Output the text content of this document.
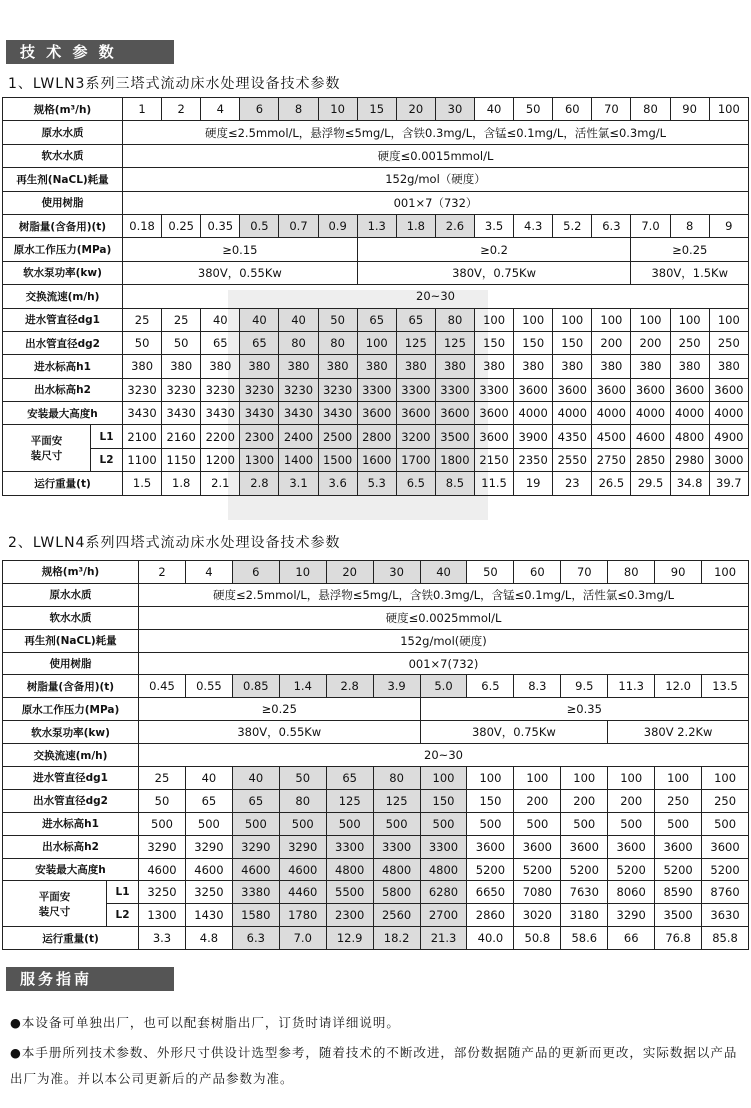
技 术 参 数
1、LWLN3系列三塔式流动床水处理设备技术参数
规格(m³/h)		1	2	4	6	8	10	15	20	30	40	50	60	70	80	90	100
原水水质		硬度≤2.5mmol/L，悬浮物≤5mg/L，含铁0.3mg/L，含锰≤0.1mg/L，活性氯≤0.3mg/L															
软水水质		硬度≤0.0015mmol/L															
再生剂(NaCL)耗量		152g/mol（硬度）															
使用树脂		001×7（732）															
树脂量(含备用)(t)		0.18	0.25	0.35	0.5	0.7	0.9	1.3	1.8	2.6	3.5	4.3	5.2	6.3	7.0	8	9
原水工作压力(MPa)		≥0.15						≥0.2							≥0.25		
软水泵功率(kw)		380V，0.55Kw						380V，0.75Kw							380V，1.5Kw		
交换流速(m/h)		20~30															
进水管直径dg1		25	25	40	40	40	50	65	65	80	100	100	100	100	100	100	100
出水管直径dg2		50	50	65	65	80	80	100	125	125	150	150	150	200	200	250	250
进水标高h1		380	380	380	380	380	380	380	380	380	380	380	380	380	380	380	380
出水标高h2		3230	3230	3230	3230	3230	3230	3300	3300	3300	3300	3600	3600	3600	3600	3600	3600
安装最大高度h		3430	3430	3430	3430	3430	3430	3600	3600	3600	3600	4000	4000	4000	4000	4000	4000

平面安
装尺寸	L1	2100	2160	2200	2300	2400	2500	2800	3200	3500	3600	3900	4350	4500	4600	4800	4900
	L2	1100	1150	1200	1300	1400	1500	1600	1700	1800	2150	2350	2550	2750	2850	2980	3000
运行重量(t)		1.5	1.8	2.1	2.8	3.1	3.6	5.3	6.5	8.5	11.5	19	23	26.5	29.5	34.8	39.7
2、LWLN4系列四塔式流动床水处理设备技术参数
规格(m³/h)		2	4	6	10	20	30	40	50	60	70	80	90	100
原水水质		硬度≤2.5mmol/L，悬浮物≤5mg/L，含铁0.3mg/L，含锰≤0.1mg/L，活性氯≤0.3mg/L												
软水水质		硬度≤0.0025mmol/L												
再生剂(NaCL)耗量		152g/mol(硬度)												
使用树脂		001×7(732)												
树脂量(含备用)(t)		0.45	0.55	0.85	1.4	2.8	3.9	5.0	6.5	8.3	9.5	11.3	12.0	13.5
原水工作压力(MPa)		≥0.25						≥0.35						
软水泵功率(kw)		380V，0.55Kw						380V，0.75Kw				380V 2.2Kw		
交换流速(m/h)		20~30												
进水管直径dg1		25	40	40	50	65	80	100	100	100	100	100	100	100
出水管直径dg2		50	65	65	80	125	125	150	150	200	200	200	250	250
进水标高h1		500	500	500	500	500	500	500	500	500	500	500	500	500
出水标高h2		3290	3290	3290	3290	3300	3300	3300	3600	3600	3600	3600	3600	3600
安装最大高度h		4600	4600	4600	4600	4800	4800	4800	5200	5200	5200	5200	5200	5200

平面安
装尺寸	L1	3250	3250	3380	4460	5500	5800	6280	6650	7080	7630	8060	8590	8760
	L2	1300	1430	1580	1780	2300	2560	2700	2860	3020	3180	3290	3500	3630
运行重量(t)		3.3	4.8	6.3	7.0	12.9	18.2	21.3	40.0	50.8	58.6	66	76.8	85.8
服务指南
●本设备可单独出厂，也可以配套树脂出厂，订货时请详细说明。
●本手册所列技术参数、外形尺寸供设计选型参考，随着技术的不断改进，部份数据随产品的更新而更改，实际数据以产品出厂为准。并以本公司更新后的产品参数为准。
